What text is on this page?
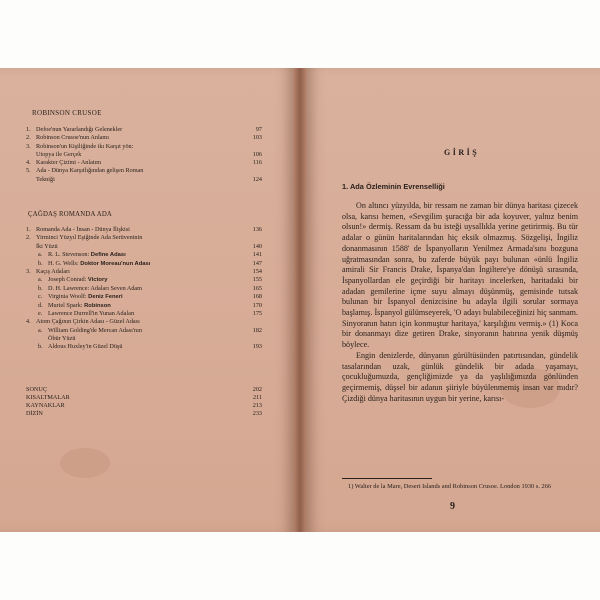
ROBINSON CRUSOE
1. Defoe'nun Yararlandığı Gelenekler	97
2. Robinson Crusoe'nun Anlamı	103
3. Robinson'un Kişiliğinde ikı Karşıt yön:
Utopya ile Gerçek	106
4. Karakter Çizimi - Anlatım	116
5. Ada - Dünya Karşıtlığından gelişen Roman
Tekniği	124
ÇAĞDAŞ ROMANDA ADA
1. Romanda Ada - İnsan - Dünya İlişkisi	136
2. Yirminci Yüzyıl Eşiğinde Ada Serüveninin
İki Yüzü	140
a. R. L. Stevenson: Define Adası	141
b. H. G. Wells: Doktor Moreau'nun Adası	147
3. Kaçış Adaları	154
a. Joseph Conrad: Victory	155
b. D. H. Lawrence: Adaları Seven Adam	165
c. Virginia Woolf: Deniz Feneri	168
d. Muriel Spark: Robinson	170
e. Lawrence Durrell'in Yunan Adaları	175
4. Atom Çağının Çirkin Adası - Güzel Adası
a. William Golding'de Mercan Adası'nın	182
Öbür Yüzü
b. Aldous Huxley'in Güzel Düşü	193
SONUÇ	202
KISALTMALAR	211
KAYNAKLAR	213
DİZİN	233
GİRİŞ
1. Ada Özleminin Evrenselliği

On altıncı yüzyılda, bir ressam ne zaman bir dünya haritası çizecek olsa, karısı hemen, «Sevgilim şuracığa bir ada koyuver, yalnız benim olsun!» dermiş. Ressam da bu isteği uysallıkla yerine getirirmiş. Bu tür adalar o günün haritalarından hiç eksik olmazmış. Sözgelişi, İngiliz donanmasının 1588' de İspanyolların Yenilmez Armada'sını bozguna uğratmasından sonra, bu zaferde büyük payı bulunan «ünlü İngiliz amirali Sir Francis Drake, İspanya'dan İngiltere'ye dönüşü sırasında, İspanyollardan ele geçirdiği bir haritayı incelerken, haritadaki bir adadan gemilerine içme suyu almayı düşünmüş, gemisinde tutsak bulunan bir İspanyol denizcisine bu adayla ilgili sorular sormaya başlamış. İspanyol gülümseyerek, 'O adayı bulabileceğinizi hiç sanmam. Sinyoranın hatırı için konmuştur haritaya,' karşılığını vermiş.» (1) Koca bir donanmayı dize getiren Drake, sinyoranın hatırına yenik düşmüş böylece.

Engin denizlerde, dünyanın gürültüsünden patırtısından, gündelik tasalarından uzak, günlük gündelik bir adada yaşamayı, çocukluğumuzda, gençliğimizde ya da yaşlılığımızda gönlünden geçirmemiş, düşsel bir adanın şiiriyle büyülenmemiş insan var mıdır? Çizdiği dünya haritasının uygun bir yerine, karısı-

1) Walter de la Mare, Desert Islands and Robinson Crusoe. London 1930 s. 266
9
